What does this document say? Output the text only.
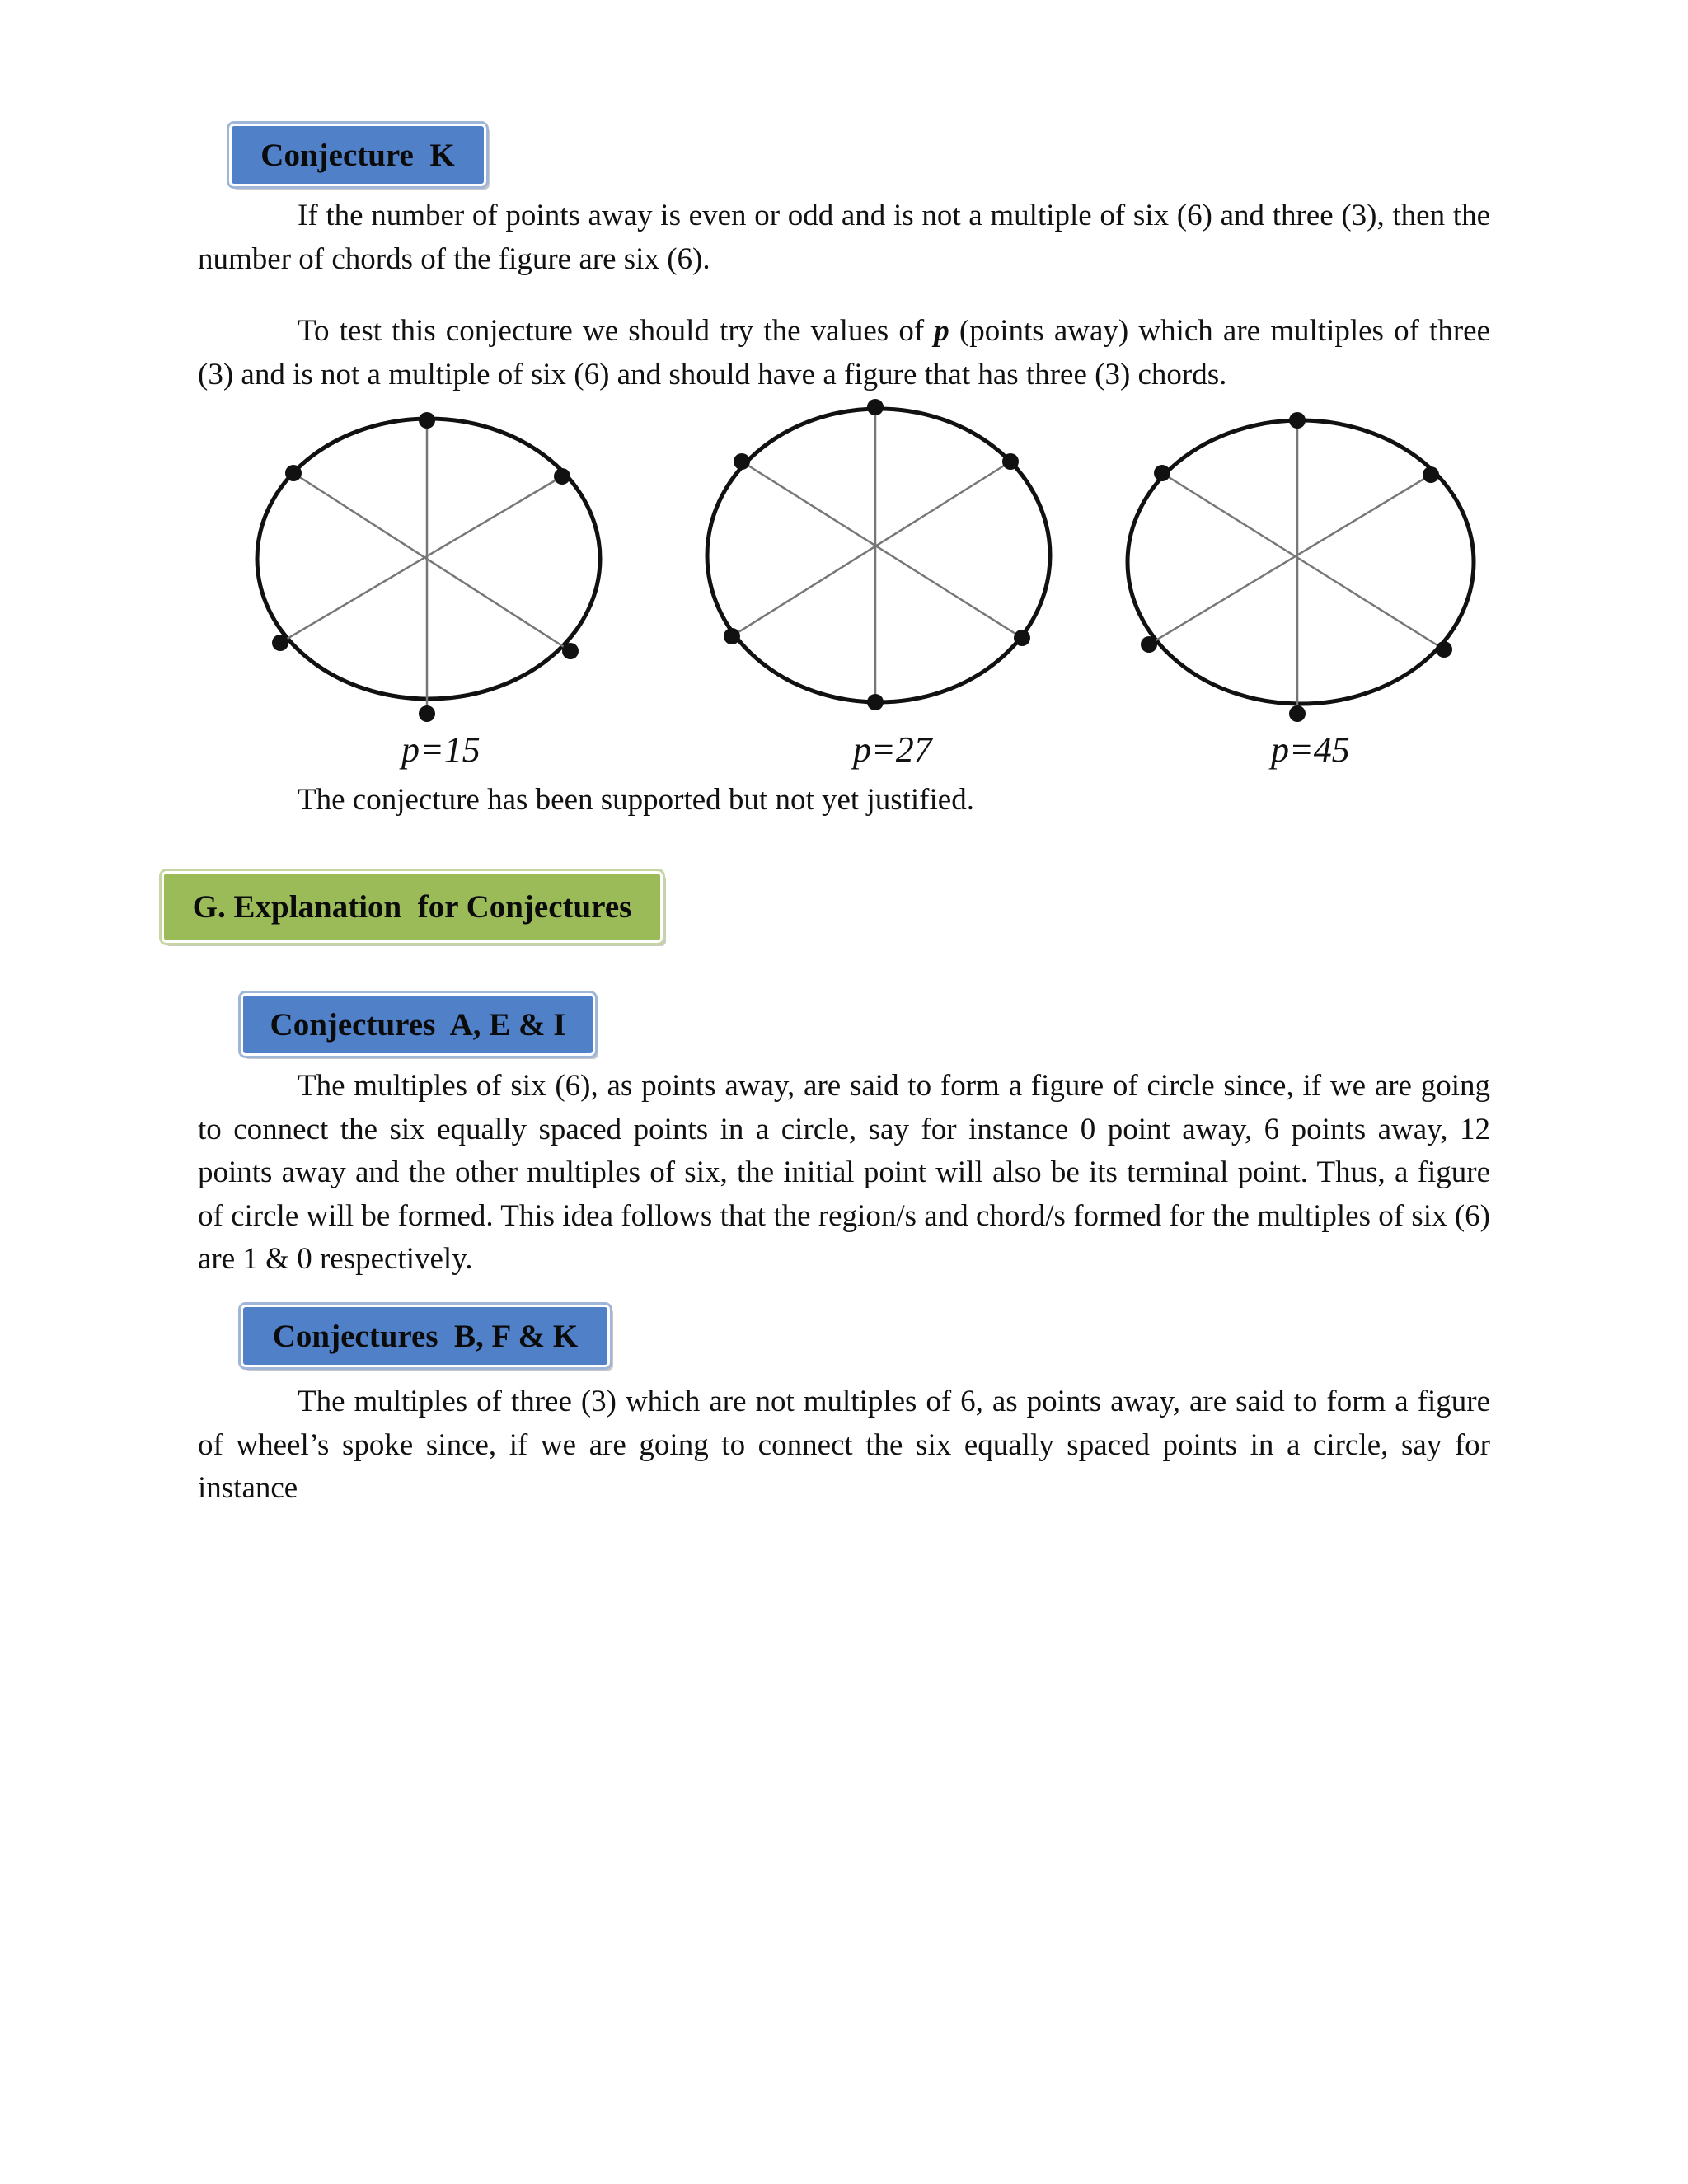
Conjecture  K

If the number of points away is even or odd and is not a multiple of six (6) and three (3), then the number of chords of the figure are six (6).

To test this conjecture we should try the values of p (points away) which are multiples of three (3) and is not a multiple of six (6) and should have a figure that has three (3) chords.

p=15	p=27	p=45

The conjecture has been supported but not yet justified.

G. Explanation  for Conjectures
Conjectures  A, E & I

The multiples of six (6), as points away, are said to form a figure of circle since, if we are going to connect the six equally spaced points in a circle, say for instance 0 point away, 6 points away, 12 points away and the other multiples of six, the initial point will also be its terminal point. Thus, a figure of circle will be formed. This idea follows that the region/s and chord/s formed for the multiples of six (6) are 1 & 0 respectively.

Conjectures  B, F & K

The multiples of three (3) which are not multiples of 6, as points away, are said to form a figure of wheel’s spoke since, if we are going to connect the six equally spaced points in a circle, say for instance
